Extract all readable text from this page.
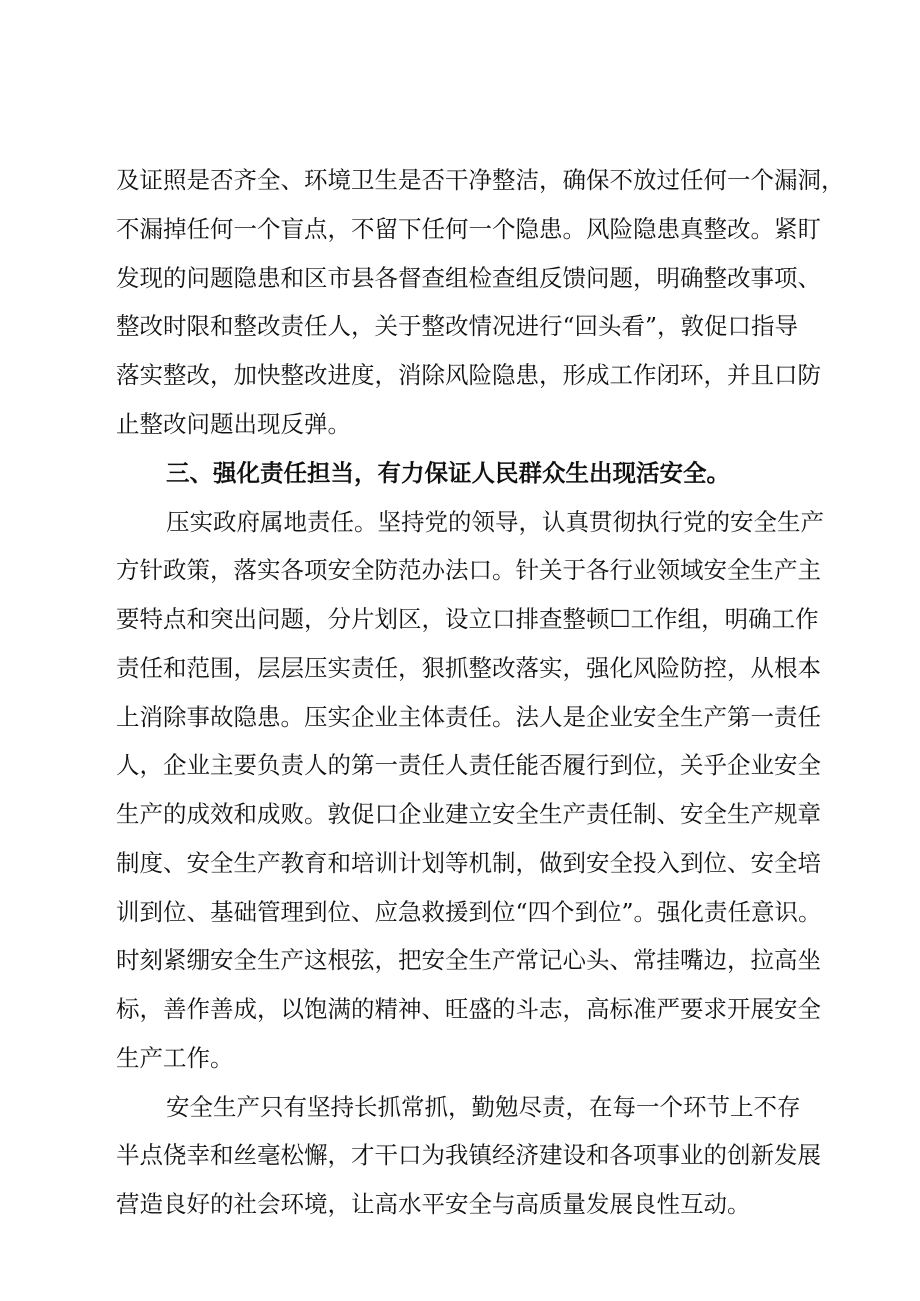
及证照是否齐全、环境卫生是否干净整洁，确保不放过任何一个漏洞，
不漏掉任何一个盲点，不留下任何一个隐患。风险隐患真整改。紧盯
发现的问题隐患和区市县各督查组检查组反馈问题，明确整改事项、
整改时限和整改责任人，关于整改情况进行“回头看”，敦促口指导
落实整改，加快整改进度，消除风险隐患，形成工作闭环，并且口防
止整改问题出现反弹。
三、强化责任担当，有力保证人民群众生出现活安全。
压实政府属地责任。坚持党的领导，认真贯彻执行党的安全生产
方针政策，落实各项安全防范办法口。针关于各行业领域安全生产主
要特点和突出问题，分片划区，设立口排查整顿☐工作组，明确工作
责任和范围，层层压实责任，狠抓整改落实，强化风险防控，从根本
上消除事故隐患。压实企业主体责任。法人是企业安全生产第一责任
人，企业主要负责人的第一责任人责任能否履行到位，关乎企业安全
生产的成效和成败。敦促口企业建立安全生产责任制、安全生产规章
制度、安全生产教育和培训计划等机制，做到安全投入到位、安全培
训到位、基础管理到位、应急救援到位“四个到位”。强化责任意识。
时刻紧绷安全生产这根弦，把安全生产常记心头、常挂嘴边，拉高坐
标，善作善成，以饱满的精神、旺盛的斗志，高标准严要求开展安全
生产工作。
安全生产只有坚持长抓常抓，勤勉尽责，在每一个环节上不存
半点侥幸和丝毫松懈，才干口为我镇经济建设和各项事业的创新发展
营造良好的社会环境，让高水平安全与高质量发展良性互动。
